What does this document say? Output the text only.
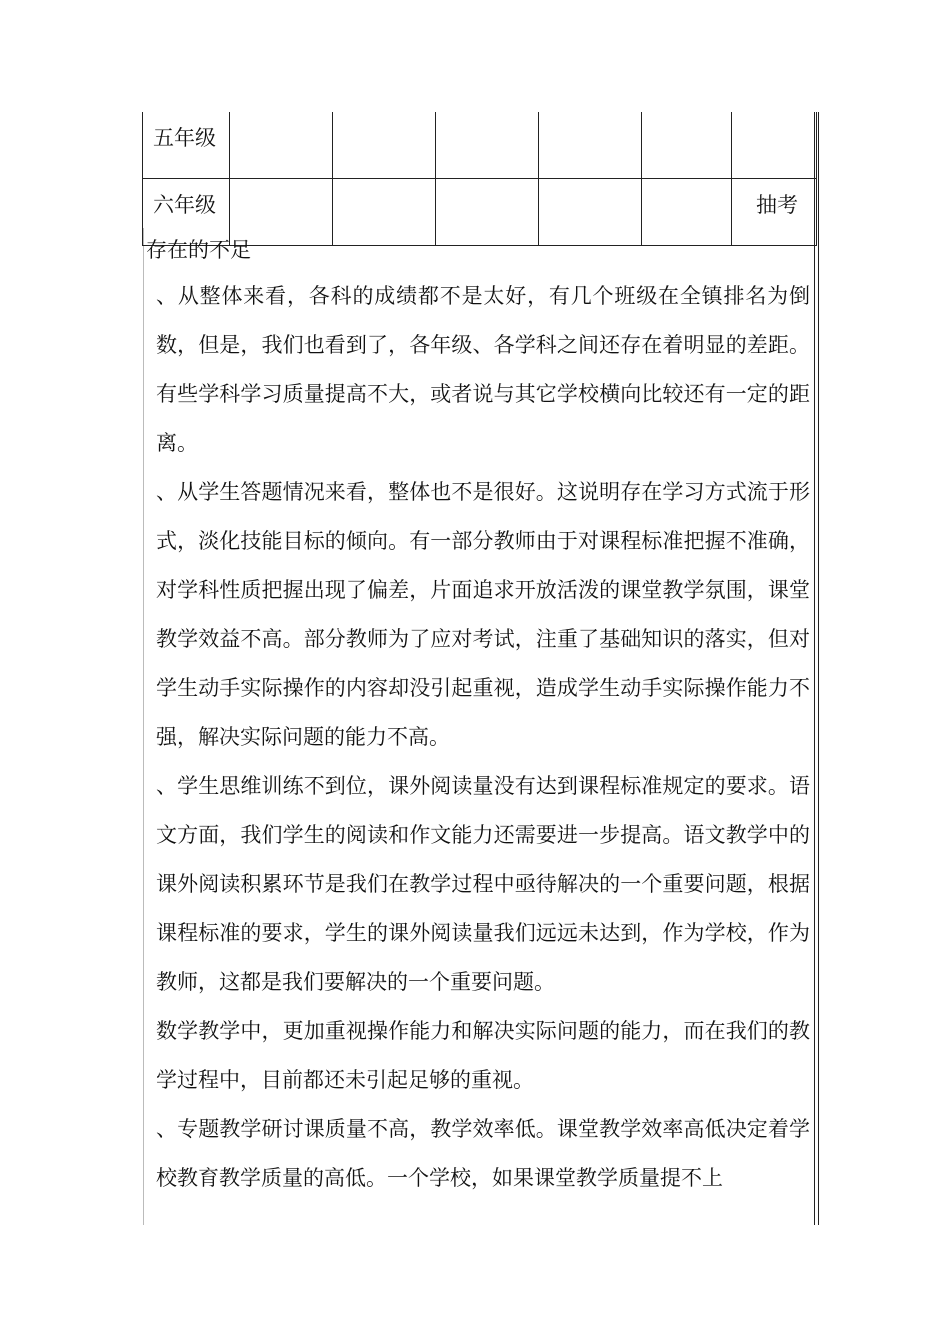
五年级						
六年级						抽考

存在的不足

、从整体来看，各科的成绩都不是太好，有几个班级在全镇排名为倒数，但是，我们也看到了，各年级、各学科之间还存在着明显的差距。有些学科学习质量提高不大，或者说与其它学校横向比较还有一定的距离。

、从学生答题情况来看，整体也不是很好。这说明存在学习方式流于形式，淡化技能目标的倾向。有一部分教师由于对课程标准把握不准确，对学科性质把握出现了偏差，片面追求开放活泼的课堂教学氛围，课堂教学效益不高。部分教师为了应对考试，注重了基础知识的落实，但对学生动手实际操作的内容却没引起重视，造成学生动手实际操作能力不强，解决实际问题的能力不高。

、学生思维训练不到位，课外阅读量没有达到课程标准规定的要求。语文方面，我们学生的阅读和作文能力还需要进一步提高。语文教学中的课外阅读积累环节是我们在教学过程中亟待解决的一个重要问题，根据课程标准的要求，学生的课外阅读量我们远远未达到，作为学校，作为教师，这都是我们要解决的一个重要问题。

数学教学中，更加重视操作能力和解决实际问题的能力，而在我们的教学过程中，目前都还未引起足够的重视。

、专题教学研讨课质量不高，教学效率低。课堂教学效率高低决定着学校教育教学质量的高低。一个学校，如果课堂教学质量提不上
